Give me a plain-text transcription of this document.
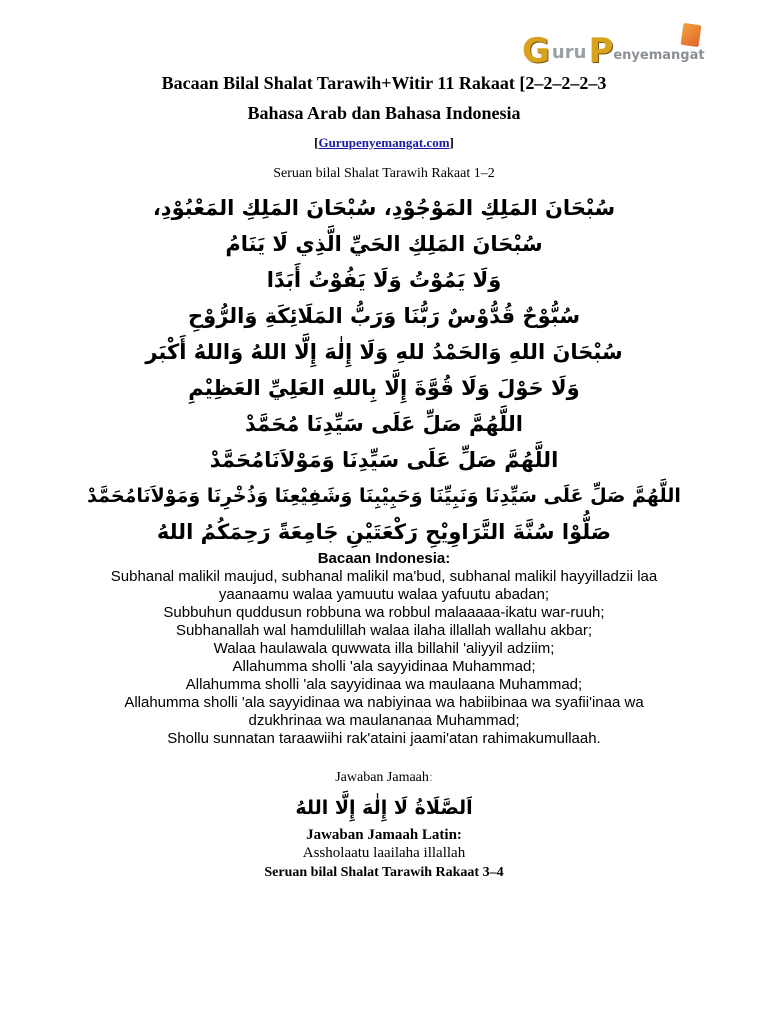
G uru P enyemangat
Bacaan Bilal Shalat Tarawih+Witir 11 Rakaat [2–2–2–2–3
Bahasa Arab dan Bahasa Indonesia
[Gurupenyemangat.com]
Seruan bilal Shalat Tarawih Rakaat 1–2
سُبْحَانَ المَلِكِ المَوْجُوْدِ، سُبْحَانَ المَلِكِ المَعْبُوْدِ،
سُبْحَانَ المَلِكِ الحَيِّ الَّذِي لَا يَنَامُ
وَلَا يَمُوْتُ وَلَا يَفُوْتُ أَبَدًا
سُبُّوْحٌ قُدُّوْسٌ رَبُّنَا وَرَبُّ المَلَائِكَةِ وَالرُّوْحِ
سُبْحَانَ اللهِ وَالحَمْدُ للهِ وَلَا إِلٰهَ إِلَّا اللهُ وَاللهُ أَكْبَر
وَلَا حَوْلَ وَلَا قُوَّةَ إِلَّا بِاللهِ العَلِيِّ العَظِيْمِ
اللَّهُمَّ صَلِّ عَلَى سَيِّدِنَا مُحَمَّدْ
اللَّهُمَّ صَلِّ عَلَى سَيِّدِنَا وَمَوْلاَنَامُحَمَّدْ
اللَّهُمَّ صَلِّ عَلَى سَيِّدِنَا وَنَبِيِّنَا وَحَبِيْبِنَا وَشَفِيْعِنَا وَذُخْرِنَا وَمَوْلاَنَامُحَمَّدْ
صَلُّوْا سُنَّةَ التَّرَاوِيْحِ رَكْعَتَيْنِ جَامِعَةً رَحِمَكُمُ اللهُ
Bacaan Indonesia:
Subhanal malikil maujud, subhanal malikil ma'bud, subhanal malikil hayyilladzii laa
yaanaamu walaa yamuutu walaa yafuutu abadan;
Subbuhun quddusun robbuna wa robbul malaaaaa-ikatu war-ruuh;
Subhanallah wal hamdulillah walaa ilaha illallah wallahu akbar;
Walaa haulawala quwwata illa billahil 'aliyyil adziim;
Allahumma sholli 'ala sayyidinaa Muhammad;
Allahumma sholli 'ala sayyidinaa wa maulaana Muhammad;
Allahumma sholli 'ala sayyidinaa wa nabiyinaa wa habiibinaa wa syafii'inaa wa
dzukhrinaa wa maulananaa Muhammad;
Shollu sunnatan taraawiihi rak'ataini jaami'atan rahimakumullaah.
Jawaban Jamaah:
اَلصَّلَاةُ لَا إِلٰهَ إِلَّا اللهُ
Jawaban Jamaah Latin:
Assholaatu laailaha illallah
Seruan bilal Shalat Tarawih Rakaat 3–4
